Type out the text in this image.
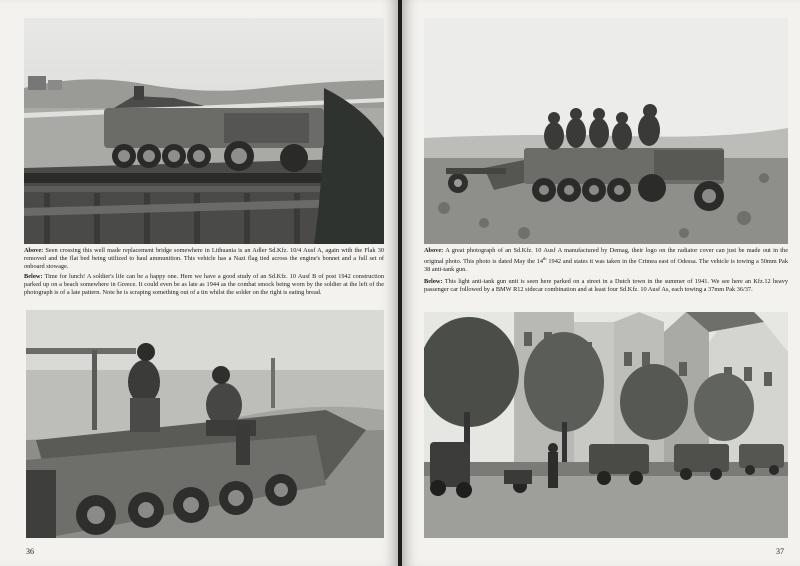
Above: Seen crossing this well made replacement bridge somewhere in Lithuania is an Adler Sd.Kfz. 10/4 Ausf A, again with the Flak 30 removed and the flat bed being utilized to haul ammunition. This vehicle has a Nazi flag tied across the engine's bonnet and a full set of onboard stowage.

Below: Time for lunch! A soldier's life can be a happy one. Here we have a good study of an Sd.Kfz. 10 Ausf B of post 1942 construction parked up on a beach somewhere in Greece. It could even be as late as 1944 as the combat smock being worn by the soldier at the left of the photograph is of a late pattern. Note he is scraping something out of a tin whilst the solder on the right is eating bread.

36

Above: A great photograph of an Sd.Kfz. 10 Ausf A manufactured by Demag, their logo on the radiator cover can just be made out in the original photo. This photo is dated May the 14th 1942 and states it was taken in the Crimea east of Odessa. The vehicle is towing a 50mm Pak 38 anti-tank gun.

Below: This light anti-tank gun unit is seen here parked on a street in a Dutch town in the summer of 1941. We see here an Kfz.12 heavy passenger car followed by a BMW R12 sidecar combination and at least four Sd.Kfz. 10 Ausf As, each towing a 37mm Pak 36/37.

37
